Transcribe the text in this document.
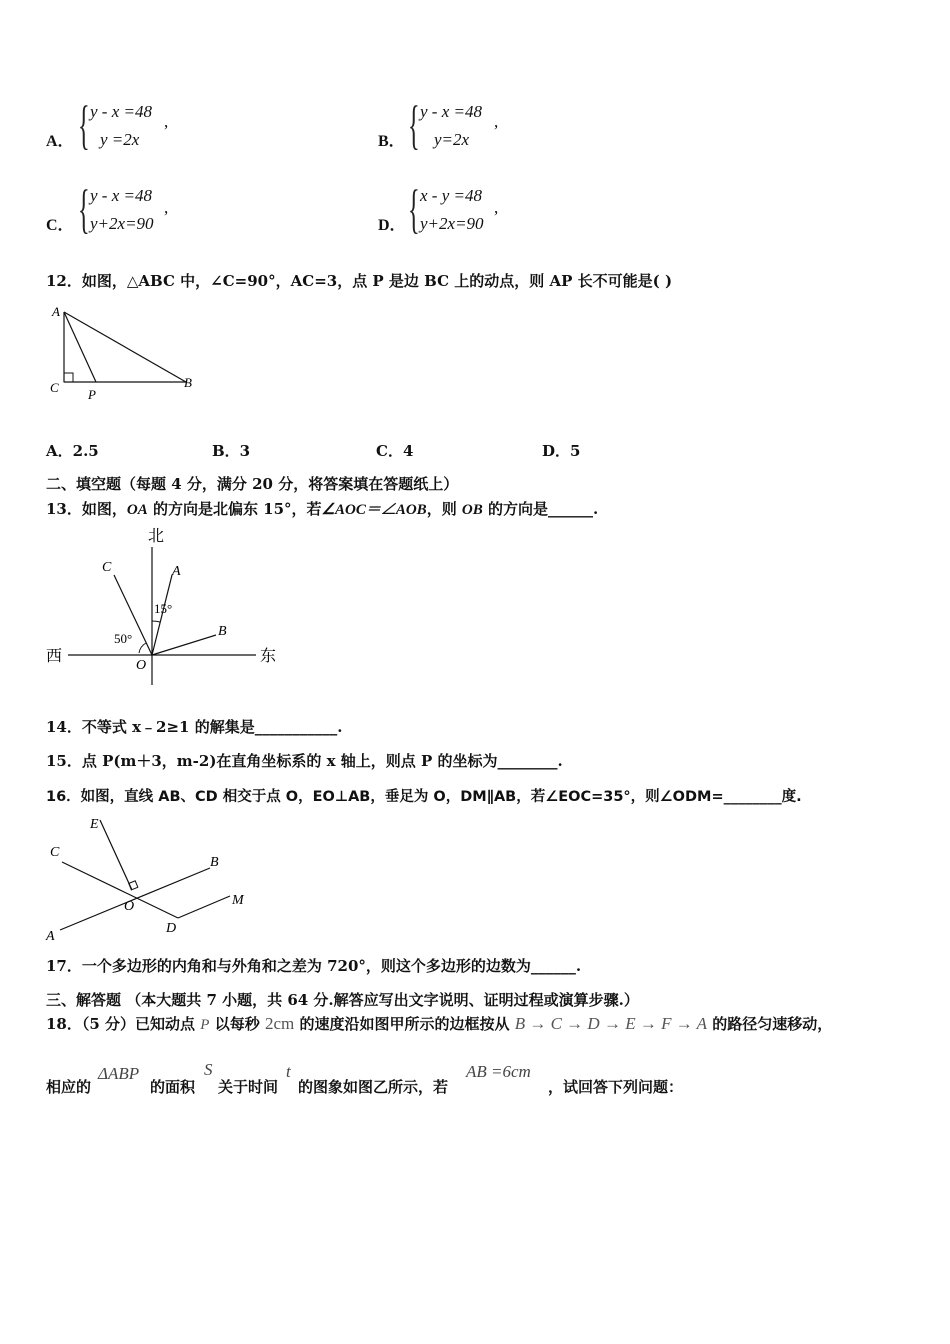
A． { y - x =48
y =2x
,
B． { y - x =48
y=2x
,
C． { y - x =48
y+2x=90
,
D． { x - y =48
y+2x=90
,
12．如图，△ABC 中，∠C=90°，AC=3，点 P 是边 BC 上的动点，则 AP 长不可能是( )
A
C P
B
A．2.5	B．3	C．4	D．5
二、填空题（每题 4 分，满分 20 分，将答案填在答题纸上）
13．如图，OA 的方向是北偏东 15°，若∠AOC＝∠AOB，则 OB 的方向是______.
北
西	东
C	A
B
O
15°
50°
14．不等式 x﹣2≥1 的解集是___________.
15．点 P(m＋3，m-2)在直角坐标系的 x 轴上，则点 P 的坐标为________.
16．如图，直线 AB、CD 相交于点 O，EO⊥AB，垂足为 O，DM∥AB，若∠EOC=35°，则∠ODM=________度.
E
C
B
O	M
A
D
17．一个多边形的内角和与外角和之差为 720°，则这个多边形的边数为______.
三、解答题 （本大题共 7 小题，共 64 分.解答应写出文字说明、证明过程或演算步骤.）
18．（5 分）已知动点 P 以每秒 2cm 的速度沿如图甲所示的边框按从 B → C → D → E → F → A 的路径匀速移动，
相应的
ΔABP
的面积
S
关于时间
t
的图象如图乙所示，若
AB =6cm
，试回答下列问题：
